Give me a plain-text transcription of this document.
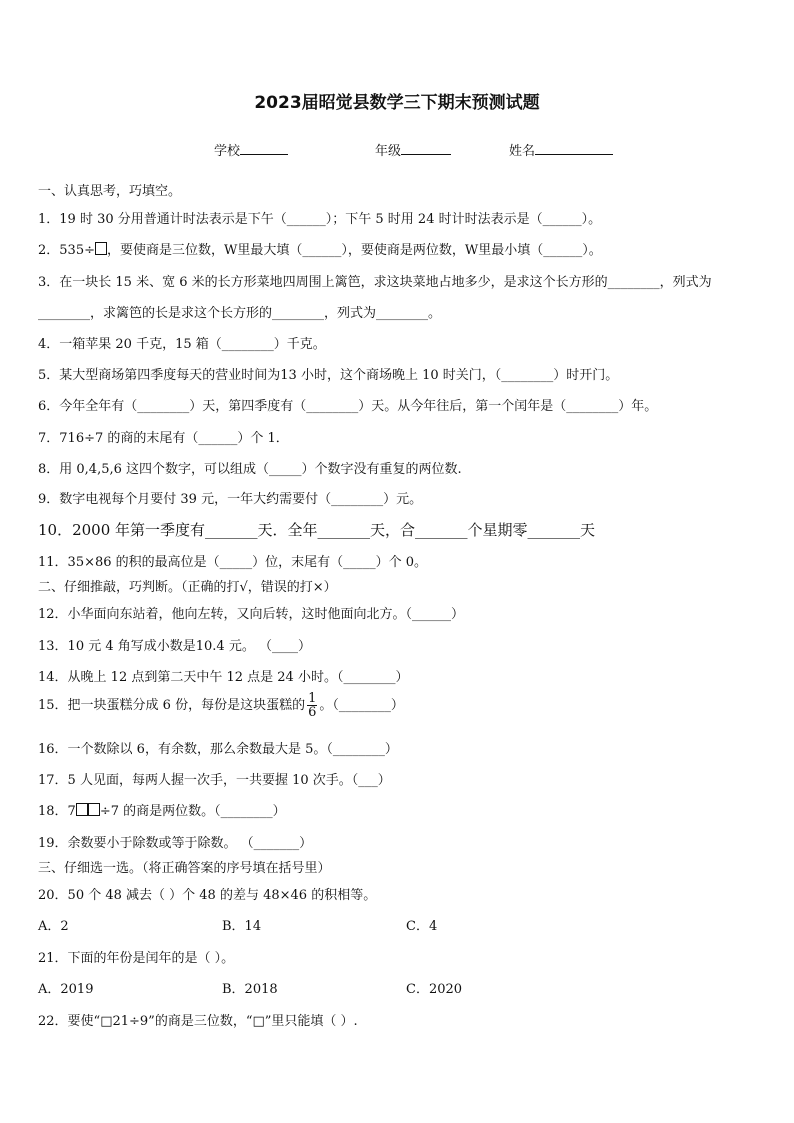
2023届昭觉县数学三下期末预测试题
学校	年级	姓名
一、认真思考，巧填空。
1．19 时 30 分用普通计时法表示是下午（______）；下午 5 时用 24 时计时法表示是（______）。
2．535÷ ，要使商是三位数，W里最大填（______），要使商是两位数，W里最小填（______）。
3．在一块长 15 米、宽 6 米的长方形菜地四周围上篱笆，求这块菜地占地多少，是求这个长方形的________，列式为
________，求篱笆的长是求这个长方形的________，列式为________。
4．一箱苹果 20 千克，15 箱（________）千克。
5．某大型商场第四季度每天的营业时间为13 小时，这个商场晚上 10 时关门，（________）时开门。
6．今年全年有（________）天，第四季度有（________）天。从今年往后，第一个闰年是（________）年。
7．716÷7 的商的末尾有（______）个 1．
8．用 0,4,5,6 这四个数字，可以组成（_____）个数字没有重复的两位数.
9．数字电视每个月要付 39 元，一年大约需要付（________）元。
10．2000 年第一季度有_______天．全年_______天，合_______个星期零_______天
11．35×86 的积的最高位是（_____）位，末尾有（_____）个 0。
二、仔细推敲，巧判断。（正确的打√，错误的打×）
12．小华面向东站着，他向左转，又向后转，这时他面向北方。（______）
13．10 元 4 角写成小数是10.4 元。 （____）
14．从晚上 12 点到第二天中午 12 点是 24 小时。（________）
15．把一块蛋糕分成 6 份，每份是这块蛋糕的 $\frac{1}{6}$ 。（________）
16．一个数除以 6，有余数，那么余数最大是 5。（________）
17．5 人见面，每两人握一次手，一共要握 10 次手。（___）
18．7 ÷7 的商是两位数。（________）
19．余数要小于除数或等于除数。 （_______）
三、仔细选一选。（将正确答案的序号填在括号里）
20．50 个 48 减去（ ）个 48 的差与 48×46 的积相等。
A．2	B．14	C．4
21．下面的年份是闰年的是（ ）。
A．2019	B．2018	C．2020
22．要使“□21÷9”的商是三位数，“□”里只能填（ ）.
